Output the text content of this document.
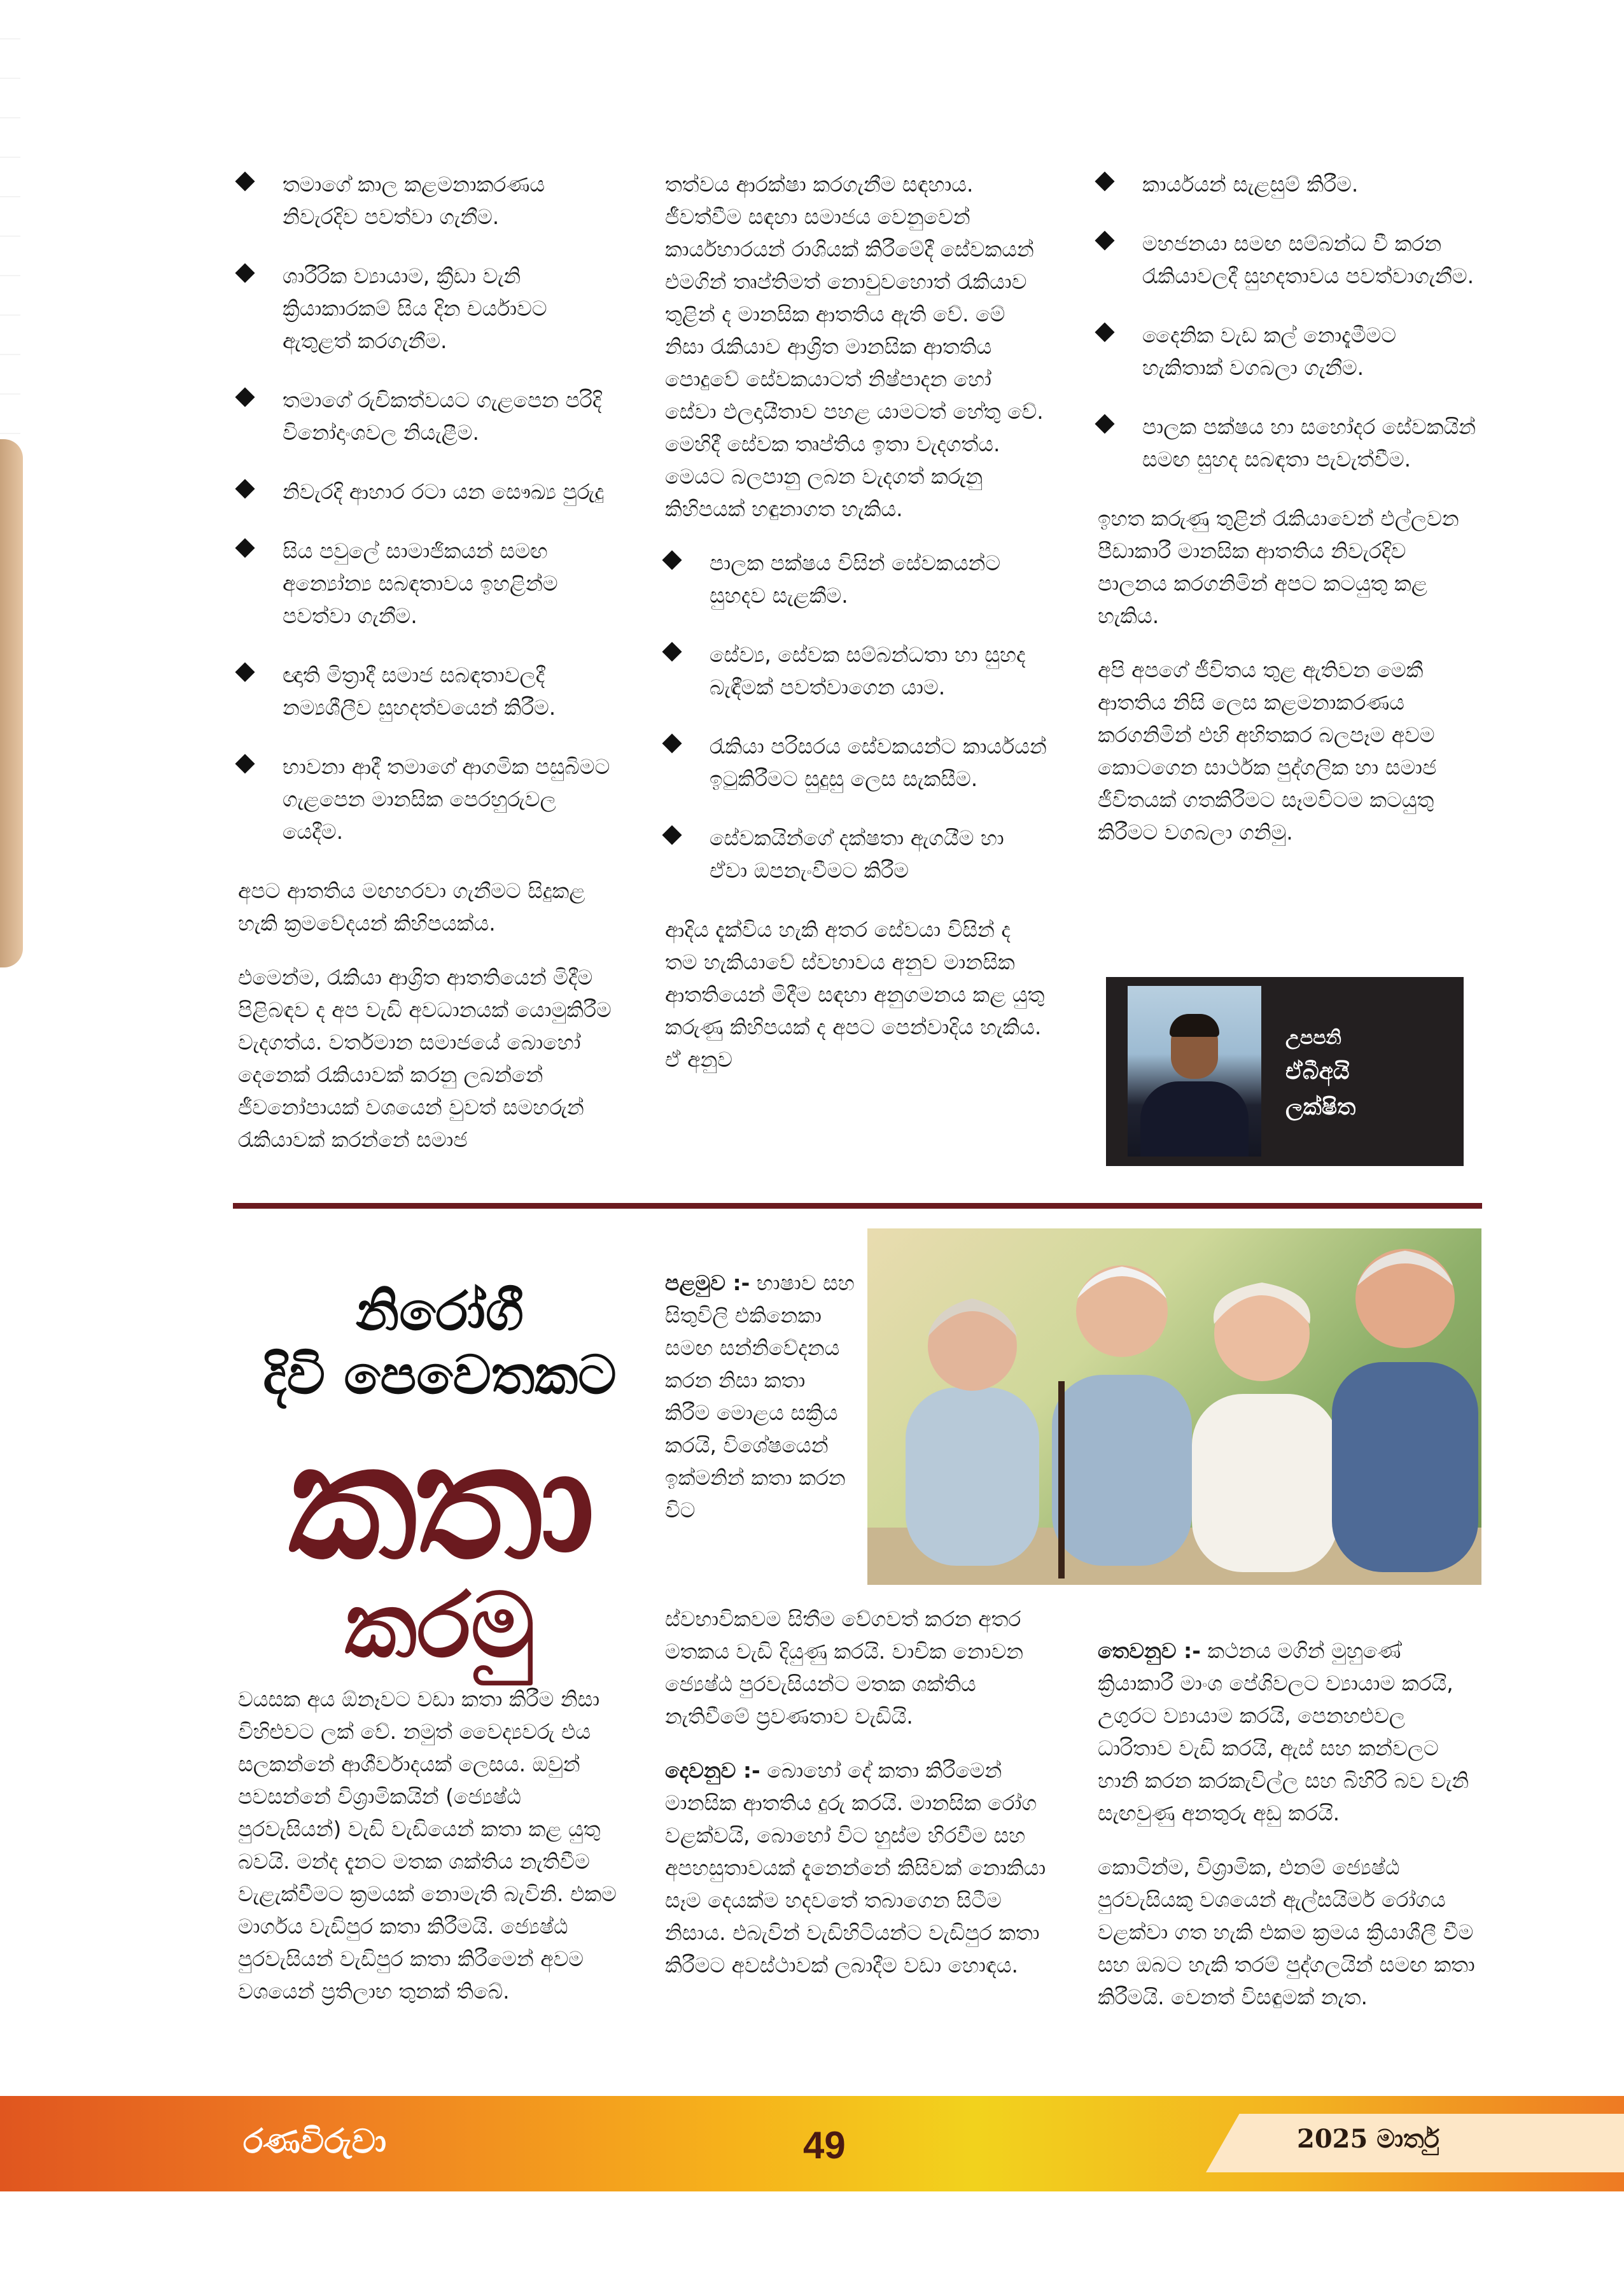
තමාගේ කාල කළමනාකරණය නිවැරදිව පවත්වා ගැනීම.
ශාරීරික ව්‍යායාම, ක්‍රීඩා වැනි ක්‍රියාකාරකම් සිය දින චර්යාවට ඇතුළත් කරගැනීම.
තමාගේ රුචිකත්වයට ගැළපෙන පරිදි විනෝදාංශවල නියැළීම.
නිවැරදි ආහාර රටා යන සෞඛ්‍ය පුරුදු
සිය පවුලේ සාමාජිකයන් සමඟ අන්‍යෝන්‍ය සබඳතාවය ඉහළින්ම පවත්වා ගැනීම.
ඥාති මිත්‍රාදී සමාජ සබඳතාවලදී නම්‍යශීලීව සුහදත්වයෙන් කිරීම.
භාවනා ආදී තමාගේ ආගමික පසුබිමට ගැළපෙන මානසික පෙරහුරුවල යෙදීම.

අපට ආතතිය මඟහරවා ගැනීමට සිදුකළ හැකි ක්‍රමවේදයන් කිහිපයක්ය.

එමෙන්ම, රැකියා ආශ්‍රිත ආතතියෙන් මිදීම පිළිබඳව ද අප වැඩි අවධානයක් යොමුකිරීම වැදගත්ය. වර්තමාන සමාජයේ බොහෝ දෙනෙක් රැකියාවක් කරනු ලබන්නේ ජීවනෝපායක් වශයෙන් වුවත් සමහරුන් රැකියාවක් කරන්නේ සමාජ

තත්වය ආරක්ෂා කරගැනීම සඳහාය. ජීවත්වීම සඳහා සමාජය වෙනුවෙන් කාර්යභාරයන් රාශියක් කිරීමේදී සේවකයන් එමගින් තෘප්තිමත් නොවුවහොත් රැකියාව තුළින් ද මානසික ආතතිය ඇති වේ. මේ නිසා රැකියාව ආශ්‍රිත මානසික ආතතිය පොදුවේ සේවකයාටත් නිෂ්පාදන හෝ සේවා ඵලදායීතාව පහළ යාමටත් හේතු වේ. මෙහිදී සේවක තෘප්තිය ඉතා වැදගත්ය. මෙයට බලපානු ලබන වැදගත් කරුනු කිහිපයක් හඳුනාගත හැකිය.

පාලක පක්ෂය විසින් සේවකයන්ට සුහදව සැළකීම.
සේව්‍ය, සේවක සම්බන්ධතා හා සුහද බැඳීමක් පවත්වාගෙන යාම.
රැකියා පරිසරය සේවකයන්ට කාර්යයන් ඉටුකිරීමට සුදුසු ලෙස සැකසීම.
සේවකයින්ගේ දක්ෂතා ඇගයීම හා ඒවා ඔපනැංවීමට කිරීම

ආදිය දැක්විය හැකි අතර සේවයා විසින් ද තම හැකියාවේ ස්වභාවය අනුව මානසික ආතතියෙන් මිදීම සඳහා අනුගමනය කළ යුතු කරුණු කිහිපයක් ද අපට පෙන්වාදිය හැකිය. ඒ අනුව

කාර්යයන් සැළසුම් කිරීම.
මහජනයා සමඟ සම්බන්ධ වී කරන රැකියාවලදී සුහදතාවය පවත්වාගැනීම.
දෛනික වැඩ කල් නොදැමීමට හැකිතාක් වගබලා ගැනීම.
පාලක පක්ෂය හා සහෝදර සේවකයින් සමඟ සුහද සබඳතා පැවැත්වීම.

ඉහත කරුණු තුළින් රැකියාවෙන් එල්ලවන පීඩාකාරී මානසික ආතතිය නිවැරදිව පාලනය කරගනිමින් අපට කටයුතු කළ හැකිය.

අපි අපගේ ජීවිතය තුළ ඇතිවන මෙකී ආතතිය නිසි ලෙස කළමනාකරණය කරගනිමින් එහි අහිතකර බලපෑම අවම කොටගෙන සාර්ථක පුද්ගලික හා සමාජ ජීවිතයක් ගතකිරීමට සෑමවිටම කටයුතු කිරීමට වගබලා ගනිමු.

උපපනි
ඒබීඅයි
ලක්ෂිත
නිරෝගී
දිවි පෙවෙතකට
කතා
කරමු

වයසක අය ඕනෑවට වඩා කතා කිරීම නිසා විහිළුවට ලක් වේ. නමුත් වෛද්‍යවරු එය සලකන්නේ ආශීර්වාදයක් ලෙසය. ඔවුන් පවසන්නේ විශ්‍රාමිකයින් (ජ්‍යෙෂ්ඨ පුරවැසියන්) වැඩි වැඩියෙන් කතා කළ යුතු බවයි. මන්ද දැනට මතක ශක්තිය නැතිවීම වැළැක්වීමට ක්‍රමයක් නොමැති බැවිනි. එකම මාර්ගය වැඩිපුර කතා කිරීමයි. ජ්‍යෙෂ්ඨ පුරවැසියන් වැඩිපුර කතා කිරීමෙන් අවම වශයෙන් ප්‍රතිලාභ තුනක් තිබේ.

පළමුව :- භාෂාව සහ සිතුවිලි එකිනෙකා සමඟ සන්නිවේදනය කරන නිසා කතා කිරීම මොළය සක්‍රිය කරයි, විශේෂයෙන් ඉක්මනින් කතා කරන විට

ස්වභාවිකවම සිතීම වේගවත් කරන අතර මතකය වැඩි දියුණු කරයි. වාචික නොවන ජ්‍යෙෂ්ඨ පුරවැසියන්ට මතක ශක්තිය නැතිවීමේ ප්‍රවණතාව වැඩියි.

දෙවනුව :- බොහෝ දේ කතා කිරීමෙන් මානසික ආතතිය දුරු කරයි. මානසික රෝග වළක්වයි, බොහෝ විට හුස්ම හිරවීම සහ අපහසුතාවයක් දැනෙන්නේ කිසිවක් නොකියා සෑම දෙයක්ම හදවතේ තබාගෙන සිටීම නිසාය. එබැවින් වැඩිහිටියන්ට වැඩිපුර කතා කිරීමට අවස්ථාවක් ලබාදීම වඩා හොඳය.

තෙවනුව :- කථනය මගින් මුහුණේ ක්‍රියාකාරී මාංශ පේශිවලට ව්‍යායාම කරයි, උගුරට ව්‍යායාම කරයි, පෙනහළුවල ධාරිතාව වැඩි කරයි, ඇස් සහ කන්වලට හානි කරන කරකැවිල්ල සහ බිහිරි බව වැනි සැඟවුණු අනතුරු අඩු කරයි.

කොටින්ම, විශ්‍රාමික, එනම් ජ්‍යෙෂ්ඨ පුරවැසියකු වශයෙන් ඇල්සයිමර් රෝගය වළක්වා ගත හැකි එකම ක්‍රමය ක්‍රියාශීලී වීම සහ ඔබට හැකි තරම් පුද්ගලයින් සමඟ කතා කිරීමයි. වෙනත් විසඳුමක් නැත.

රණවිරුවා	49	2025 මාර්තු
